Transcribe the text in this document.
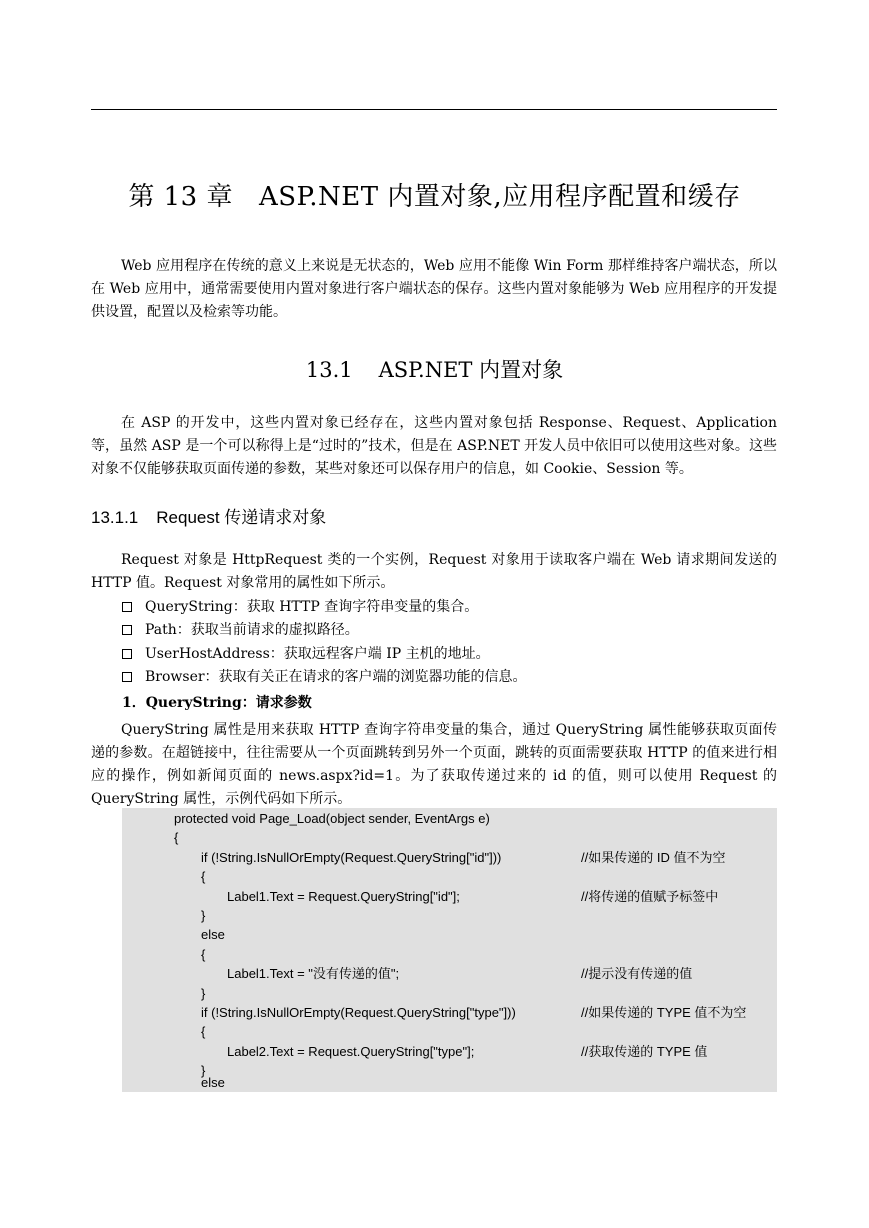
第 13 章 ASP.NET 内置对象,应用程序配置和缓存

Web 应用程序在传统的意义上来说是无状态的，Web 应用不能像 Win Form 那样维持客户端状态，所以在 Web 应用中，通常需要使用内置对象进行客户端状态的保存。这些内置对象能够为 Web 应用程序的开发提供设置，配置以及检索等功能。

13.1 ASP.NET 内置对象

在 ASP 的开发中，这些内置对象已经存在，这些内置对象包括 Response、Request、Application 等，虽然 ASP 是一个可以称得上是“过时的”技术，但是在 ASP.NET 开发人员中依旧可以使用这些对象。这些对象不仅能够获取页面传递的参数，某些对象还可以保存用户的信息，如 Cookie、Session 等。

13.1.1 Request 传递请求对象

Request 对象是 HttpRequest 类的一个实例，Request 对象用于读取客户端在 Web 请求期间发送的 HTTP 值。Request 对象常用的属性如下所示。

QueryString：获取 HTTP 查询字符串变量的集合。
Path：获取当前请求的虚拟路径。
UserHostAddress：获取远程客户端 IP 主机的地址。
Browser：获取有关正在请求的客户端的浏览器功能的信息。
1．QueryString：请求参数

QueryString 属性是用来获取 HTTP 查询字符串变量的集合，通过 QueryString 属性能够获取页面传递的参数。在超链接中，往往需要从一个页面跳转到另外一个页面，跳转的页面需要获取 HTTP 的值来进行相应的操作，例如新闻页面的 news.aspx?id=1。为了获取传递过来的 id 的值，则可以使用 Request 的 QueryString 属性，示例代码如下所示。

protected void Page_Load(object sender, EventArgs e)
{
if (!String.IsNullOrEmpty(Request.QueryString["id"]))	//如果传递的 ID 值不为空
{
Label1.Text = Request.QueryString["id"];	//将传递的值赋予标签中
}
else
{
Label1.Text = "没有传递的值";	//提示没有传递的值
}
if (!String.IsNullOrEmpty(Request.QueryString["type"]))	//如果传递的 TYPE 值不为空
{
Label2.Text = Request.QueryString["type"];	//获取传递的 TYPE 值
}
else
